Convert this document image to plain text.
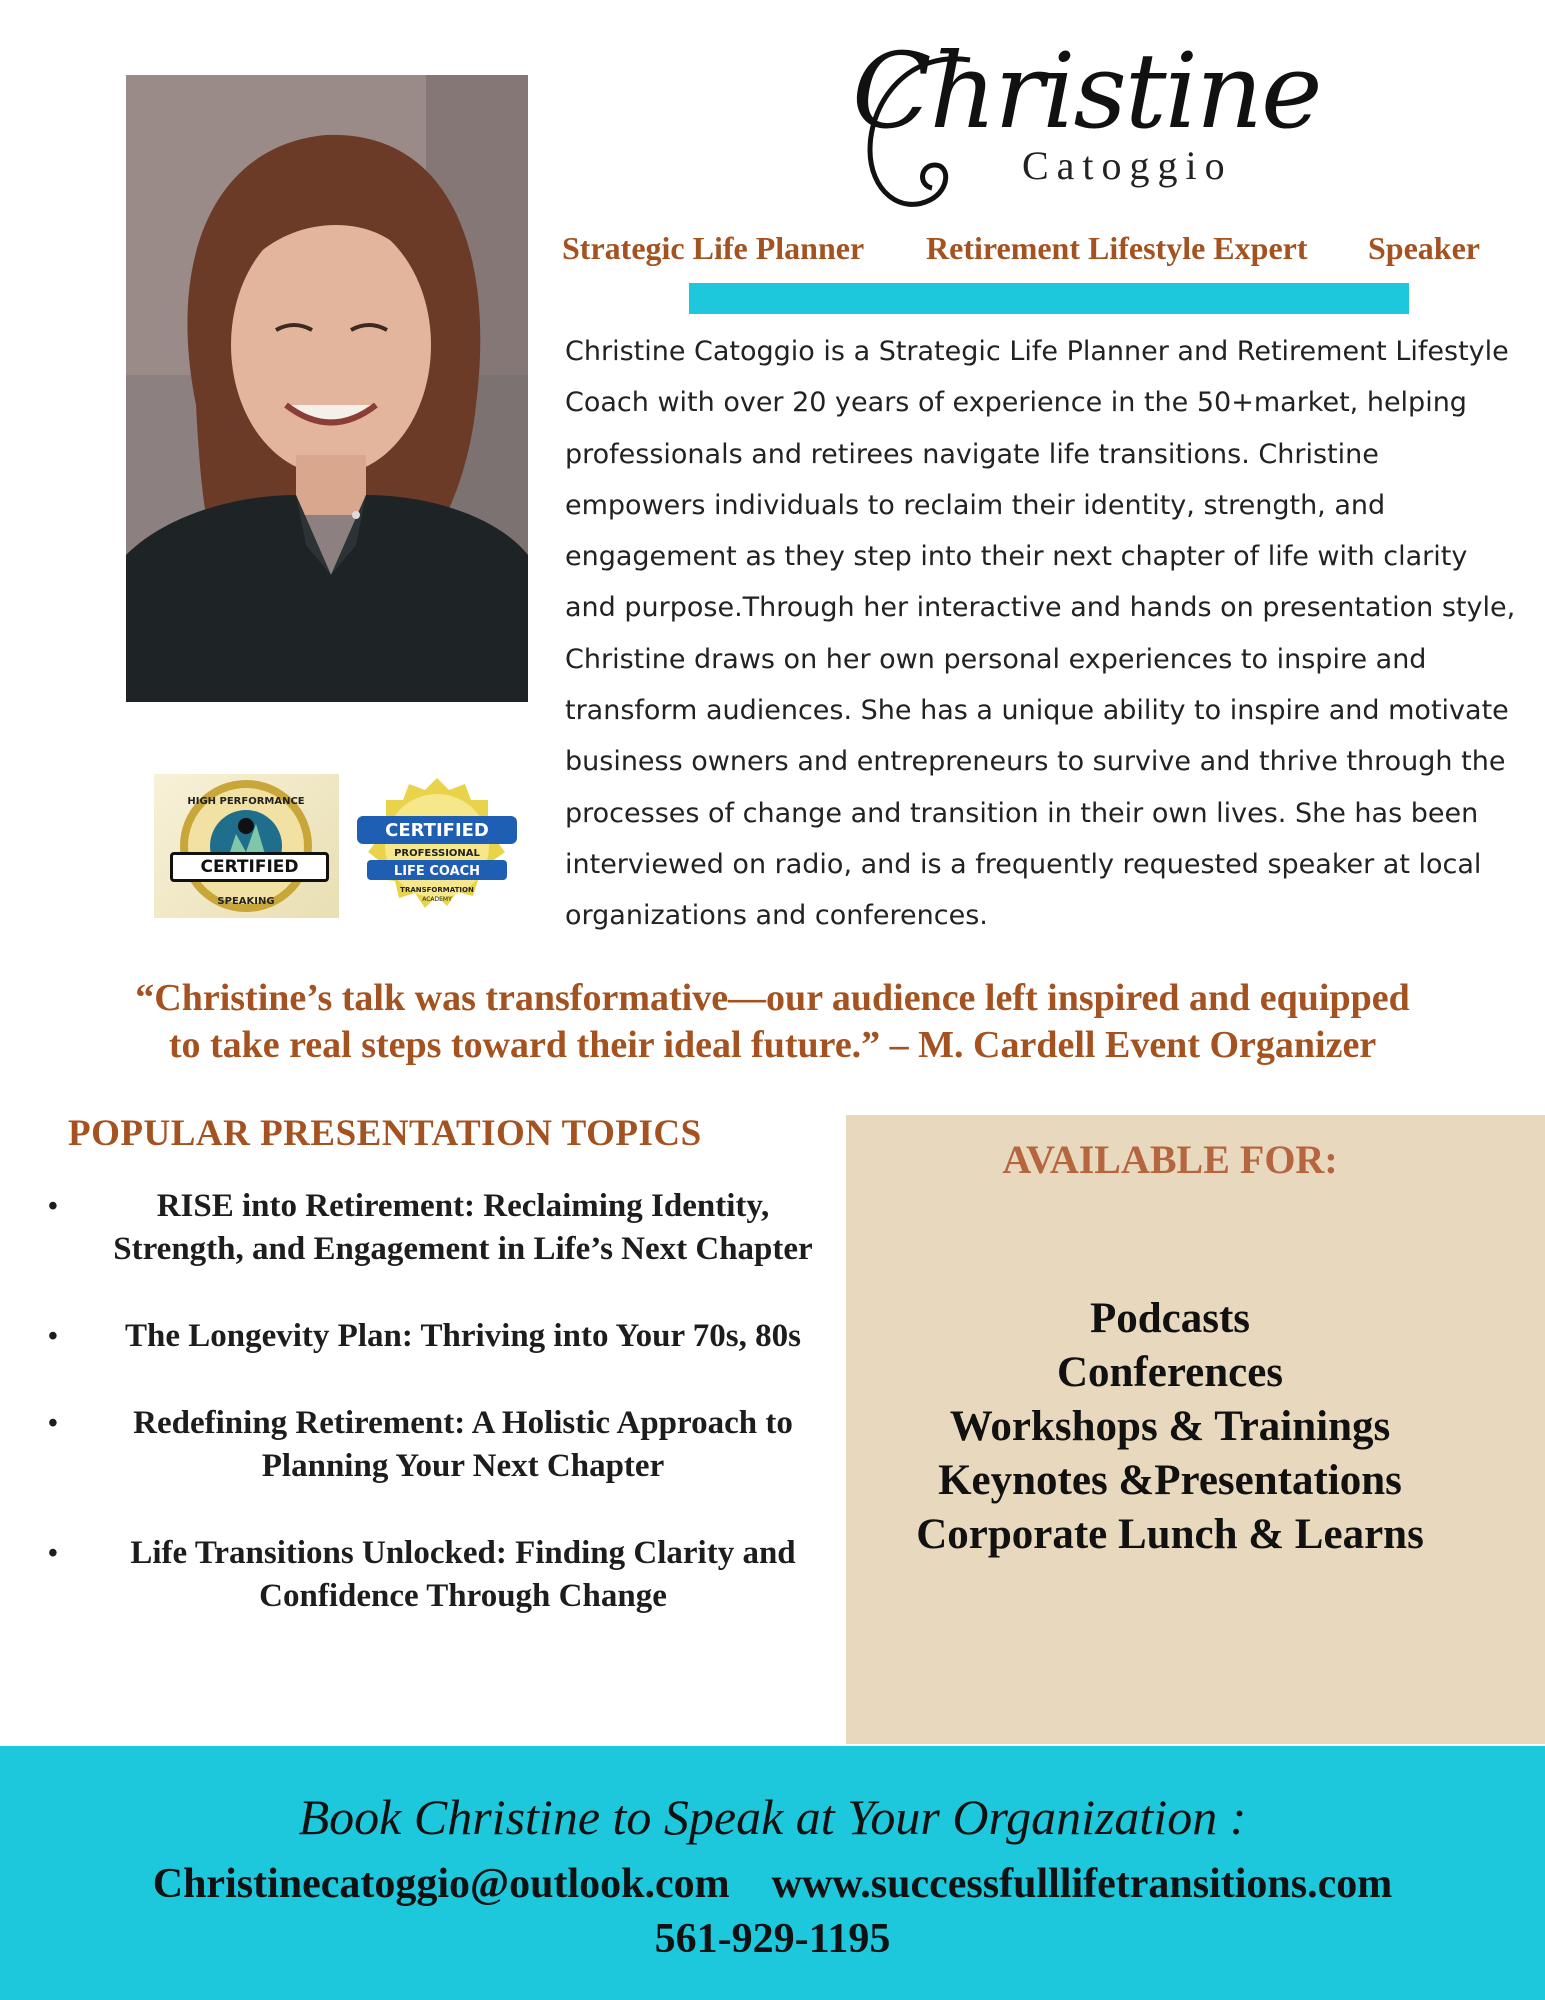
HIGH PERFORMANCE
SPEAKING
CERTIFIED
CERTIFIED
PROFESSIONAL
LIFE COACH
TRANSFORMATION
ACADEMY
Christine
Catoggio
Strategic Life Planner Retirement Lifestyle Expert Speaker
Christine Catoggio is a Strategic Life Planner and Retirement Lifestyle Coach with over 20 years of experience in the 50+market, helping professionals and retirees navigate life transitions. Christine empowers individuals to reclaim their identity, strength, and engagement as they step into their next chapter of life with clarity and purpose.Through her interactive and hands on presentation style, Christine draws on her own personal experiences to inspire and transform audiences. She has a unique ability to inspire and motivate business owners and entrepreneurs to survive and thrive through the processes of change and transition in their own lives. She has been interviewed on radio, and is a frequently requested speaker at local organizations and conferences.
“Christine’s talk was transformative—our audience left inspired and equipped
to take real steps toward their ideal future.” – M. Cardell Event Organizer
POPULAR PRESENTATION TOPICS
•	RISE into Retirement: Reclaiming Identity, Strength, and Engagement in Life’s Next Chapter
• The Longevity Plan: Thriving into Your 70s, 80s
• Redefining Retirement: A Holistic Approach to Planning Your Next Chapter
• Life Transitions Unlocked: Finding Clarity and Confidence Through Change
AVAILABLE FOR:
Podcasts
Conferences
Workshops & Trainings
Keynotes &Presentations
Corporate Lunch & Learns
Book Christine to Speak at Your Organization :
Christinecatoggio@outlook.com www.successfulllifetransitions.com
561-929-1195
